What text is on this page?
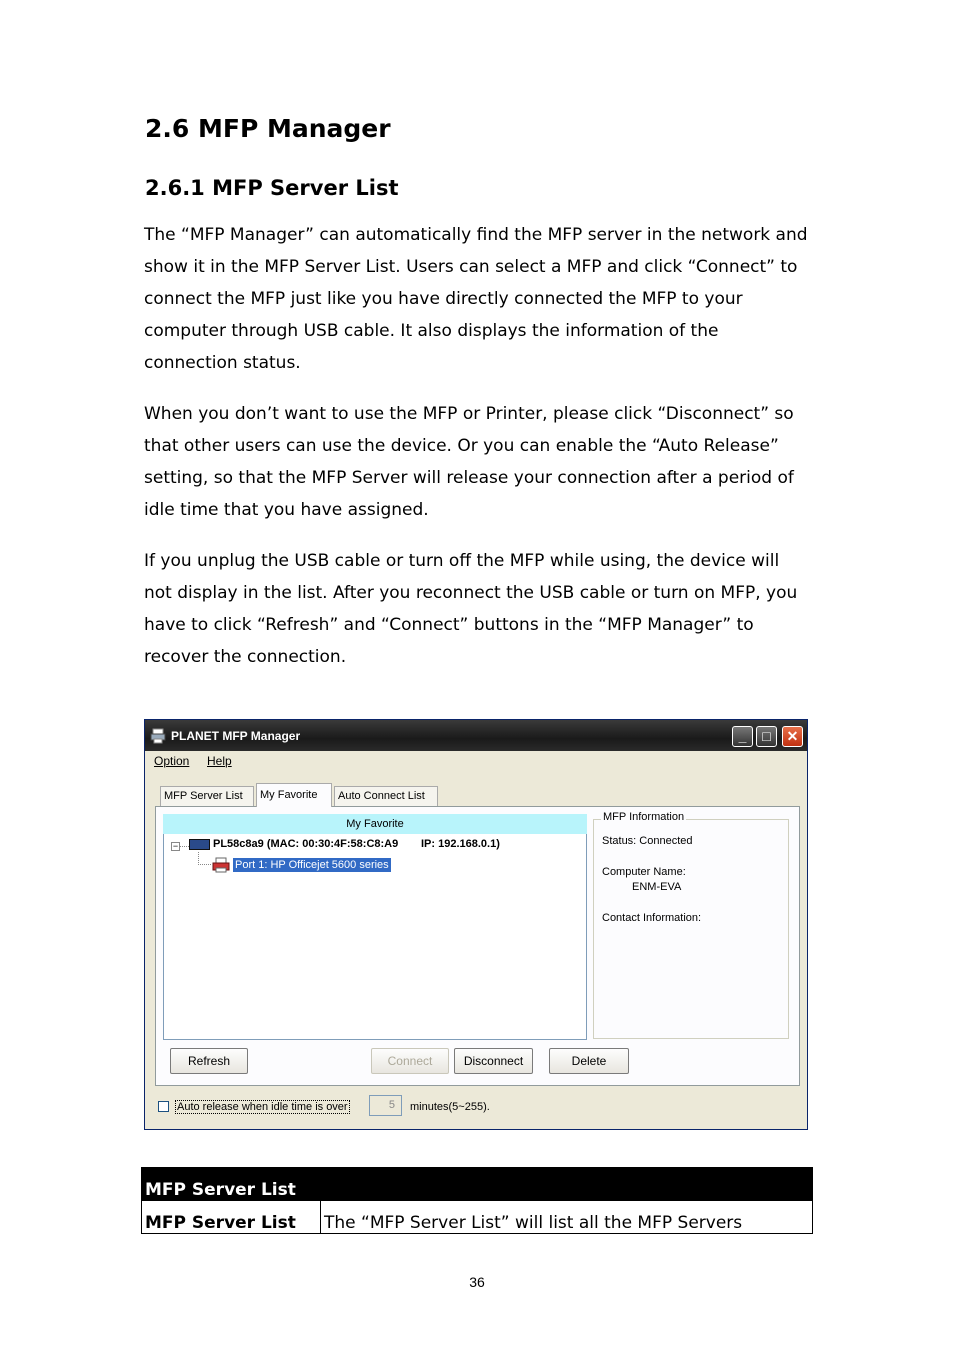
2.6 MFP Manager
2.6.1 MFP Server List

The “MFP Manager” can automatically find the MFP server in the network and show it in the MFP Server List. Users can select a MFP and click “Connect” to connect the MFP just like you have directly connected the MFP to your computer through USB cable. It also displays the information of the connection status.

When you don’t want to use the MFP or Printer, please click “Disconnect” so that other users can use the device. Or you can enable the “Auto Release” setting, so that the MFP Server will release your connection after a period of idle time that you have assigned.

If you unplug the USB cable or turn off the MFP while using, the device will not display in the list. After you reconnect the USB cable or turn on MFP, you have to click “Refresh” and “Connect” buttons in the “MFP Manager” to recover the connection.

PLANET MFP Manager	_	□	✕
Option Help
MFP Server List	Auto Connect List
My Favorite
My Favorite
−	PL58c8a9 (MAC: 00:30:4F:58:C8:A9 IP: 192.168.0.1)
Port 1: HP Officejet 5600 series
MFP Information
Status: Connected
Computer Name:
ENM-EVA
Contact Information:
Refresh	Connect	Disconnect	Delete
Auto release when idle time is over	5	minutes(5~255).
MFP Server List	
MFP Server List	The “MFP Server List” will list all the MFP Servers
36
